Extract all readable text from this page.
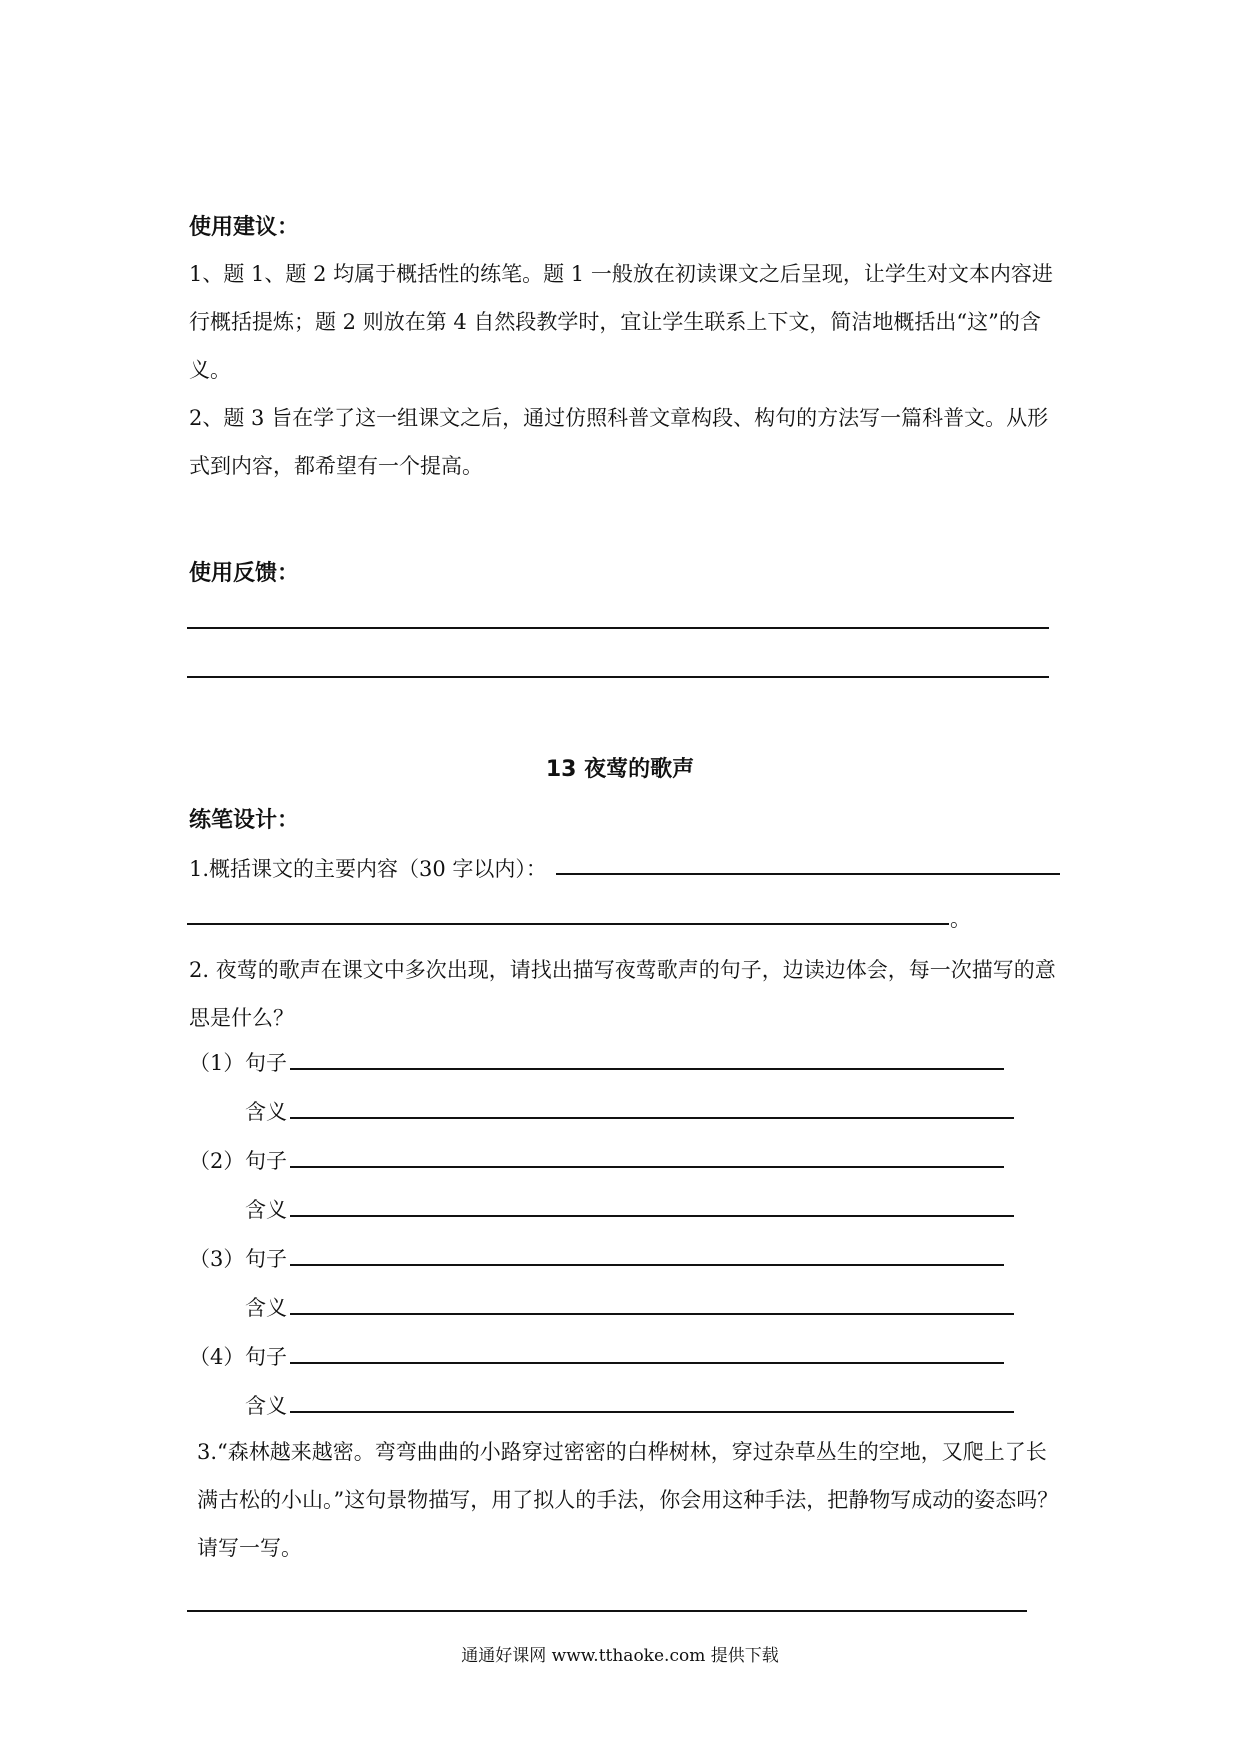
使用建议：
1、题 1、题 2 均属于概括性的练笔。题 1 一般放在初读课文之后呈现，让学生对文本内容进行概括提炼；题 2 则放在第 4 自然段教学时，宜让学生联系上下文，简洁地概括出“这”的含义。
2、题 3 旨在学了这一组课文之后，通过仿照科普文章构段、构句的方法写一篇科普文。从形式到内容，都希望有一个提高。
使用反馈：
13 夜莺的歌声
练笔设计：
1.概括课文的主要内容（30 字以内）：
。
2. 夜莺的歌声在课文中多次出现，请找出描写夜莺歌声的句子，边读边体会，每一次描写的意思是什么？
（1） 句子
含义
（2） 句子
含义
（3） 句子
含义
（4） 句子
含义
3.“森林越来越密。弯弯曲曲的小路穿过密密的白桦树林，穿过杂草丛生的空地，又爬上了长满古松的小山。”这句景物描写，用了拟人的手法，你会用这种手法，把静物写成动的姿态吗？请写一写。
通通好课网 www.tthaoke.com 提供下载
